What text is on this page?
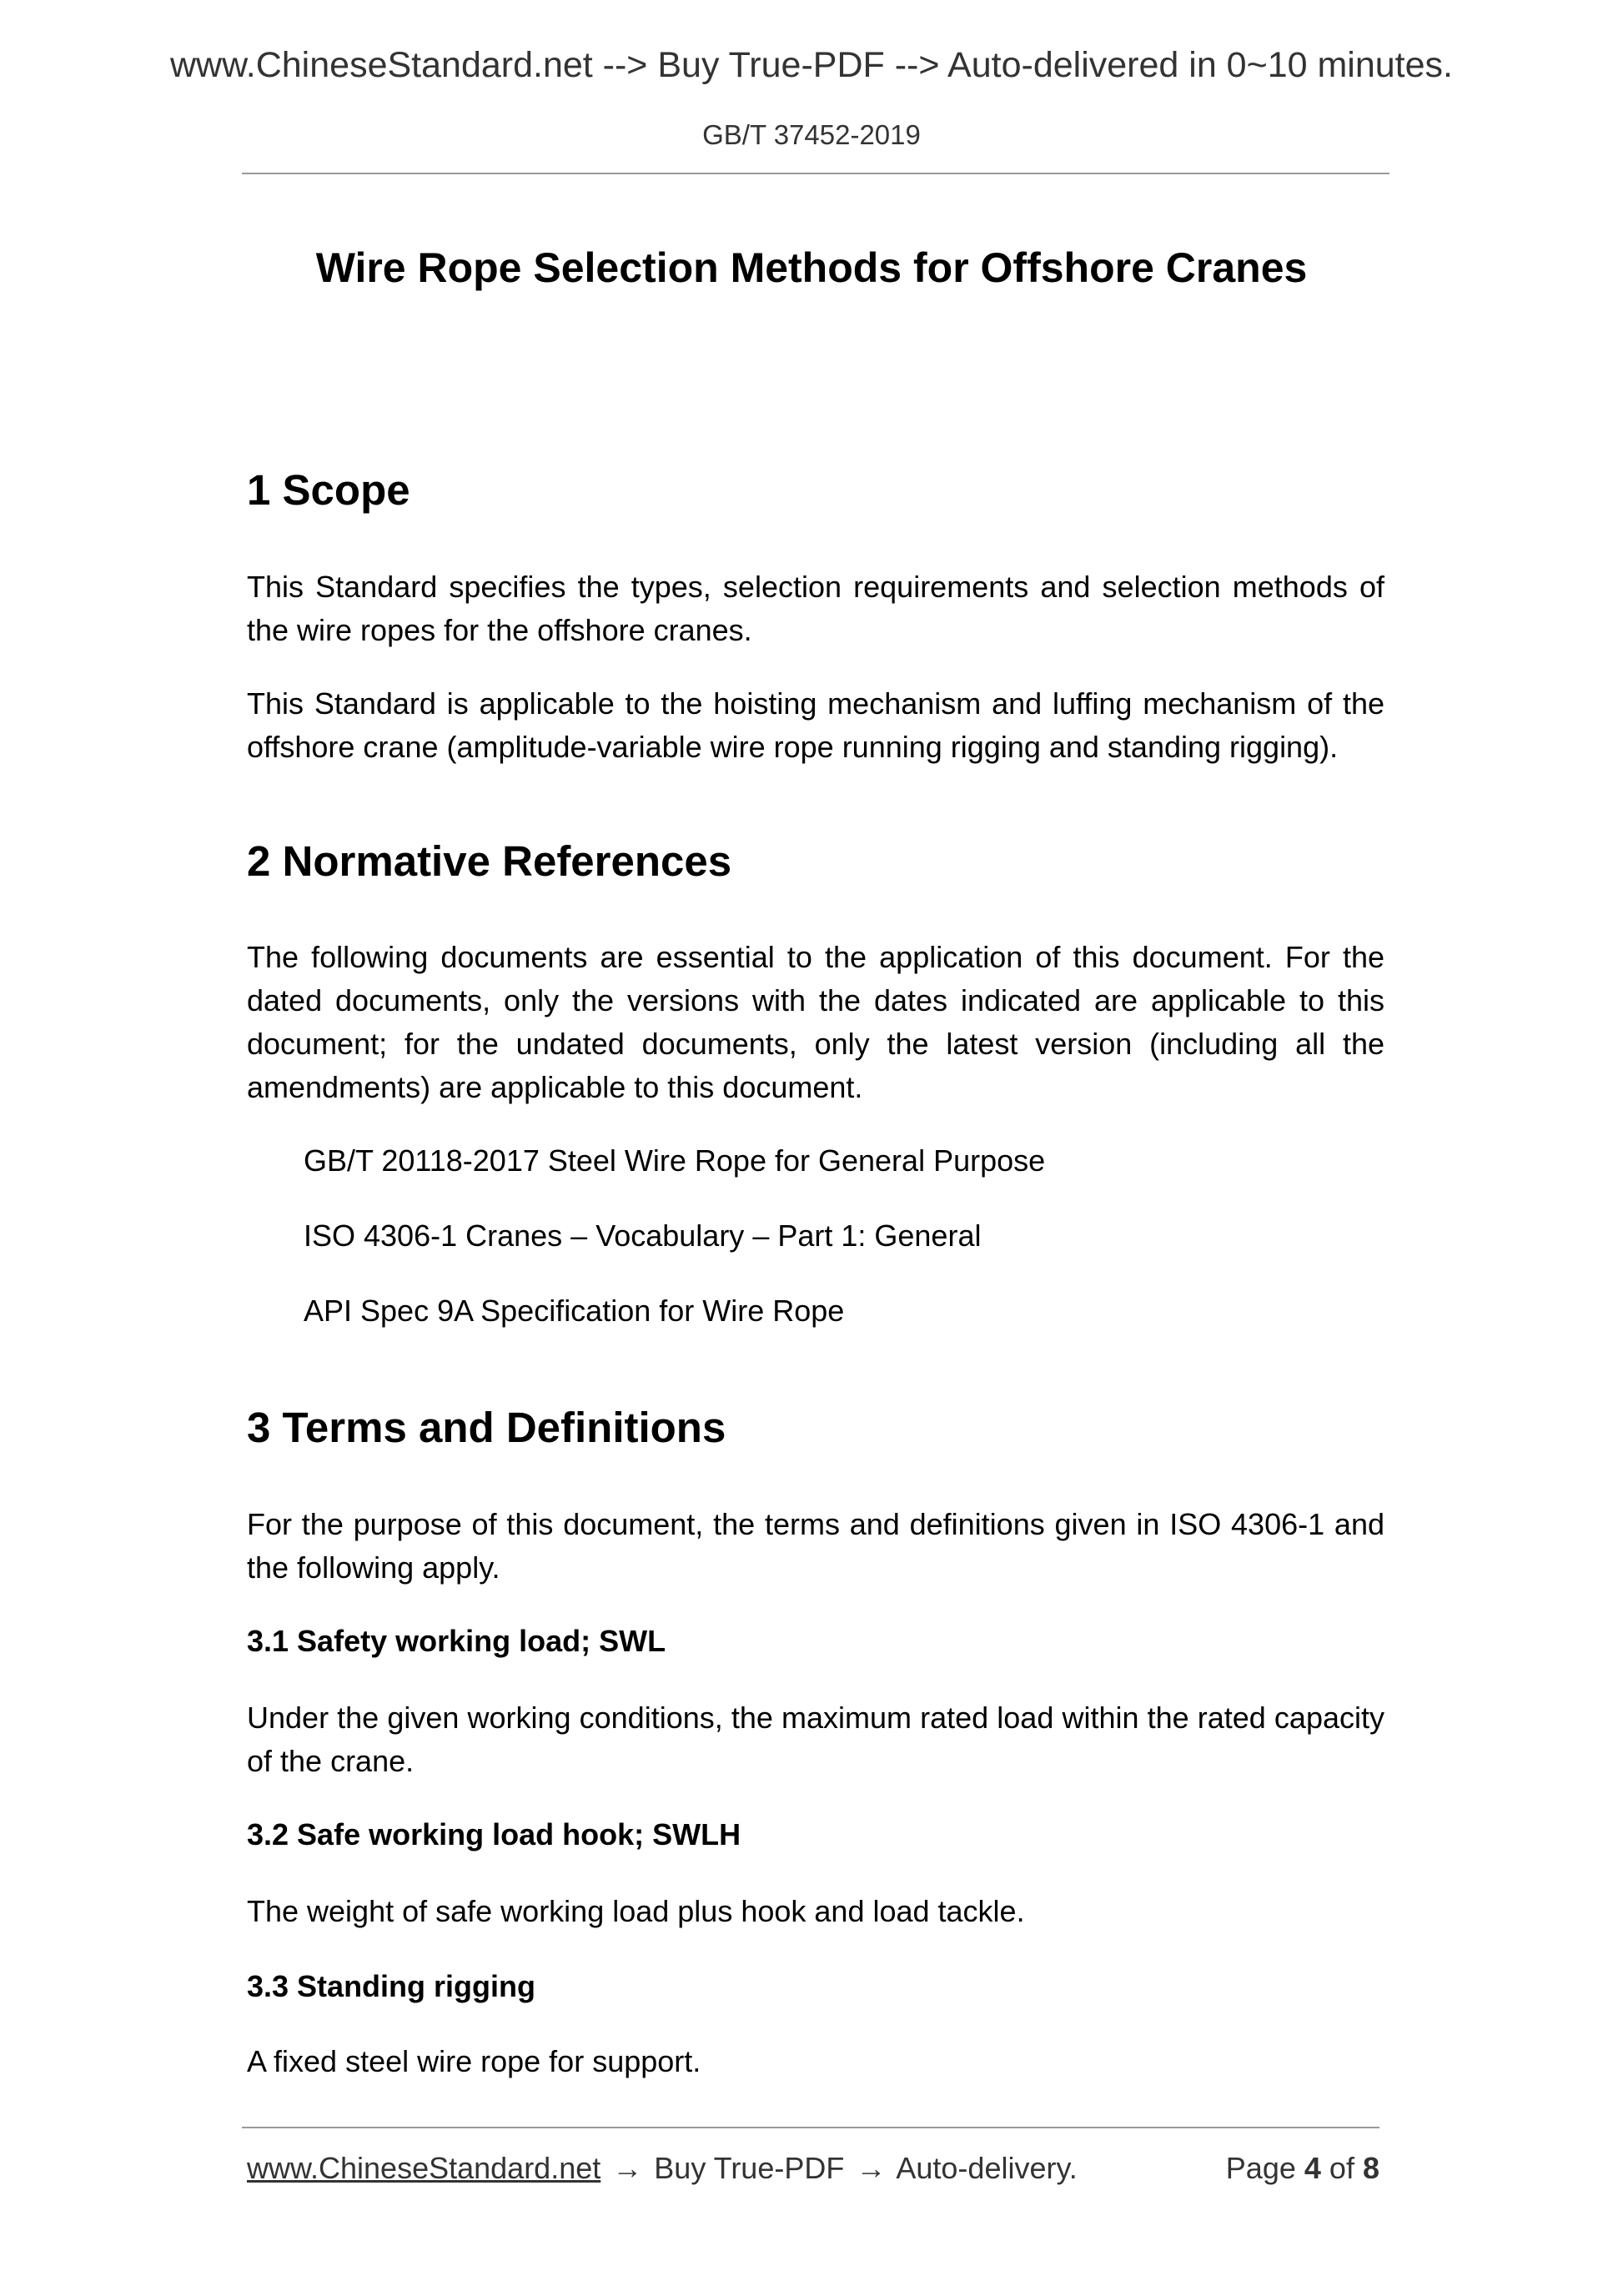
www.ChineseStandard.net --> Buy True-PDF --> Auto-delivered in 0~10 minutes.
GB/T 37452-2019
Wire Rope Selection Methods for Offshore Cranes
1 Scope
This Standard specifies the types, selection requirements and selection methods of
the wire ropes for the offshore cranes.
This Standard is applicable to the hoisting mechanism and luffing mechanism of the
offshore crane (amplitude-variable wire rope running rigging and standing rigging).
2 Normative References
The following documents are essential to the application of this document. For the
dated documents, only the versions with the dates indicated are applicable to this
document; for the undated documents, only the latest version (including all the
amendments) are applicable to this document.
GB/T 20118-2017 Steel Wire Rope for General Purpose
ISO 4306-1 Cranes – Vocabulary – Part 1: General
API Spec 9A Specification for Wire Rope
3 Terms and Definitions
For the purpose of this document, the terms and definitions given in ISO 4306-1 and
the following apply.
3.1 Safety working load; SWL
Under the given working conditions, the maximum rated load within the rated capacity
of the crane.
3.2 Safe working load hook; SWLH
The weight of safe working load plus hook and load tackle.
3.3 Standing rigging
A fixed steel wire rope for support.
www.ChineseStandard.net → Buy True-PDF → Auto-delivery.	Page 4 of 8
